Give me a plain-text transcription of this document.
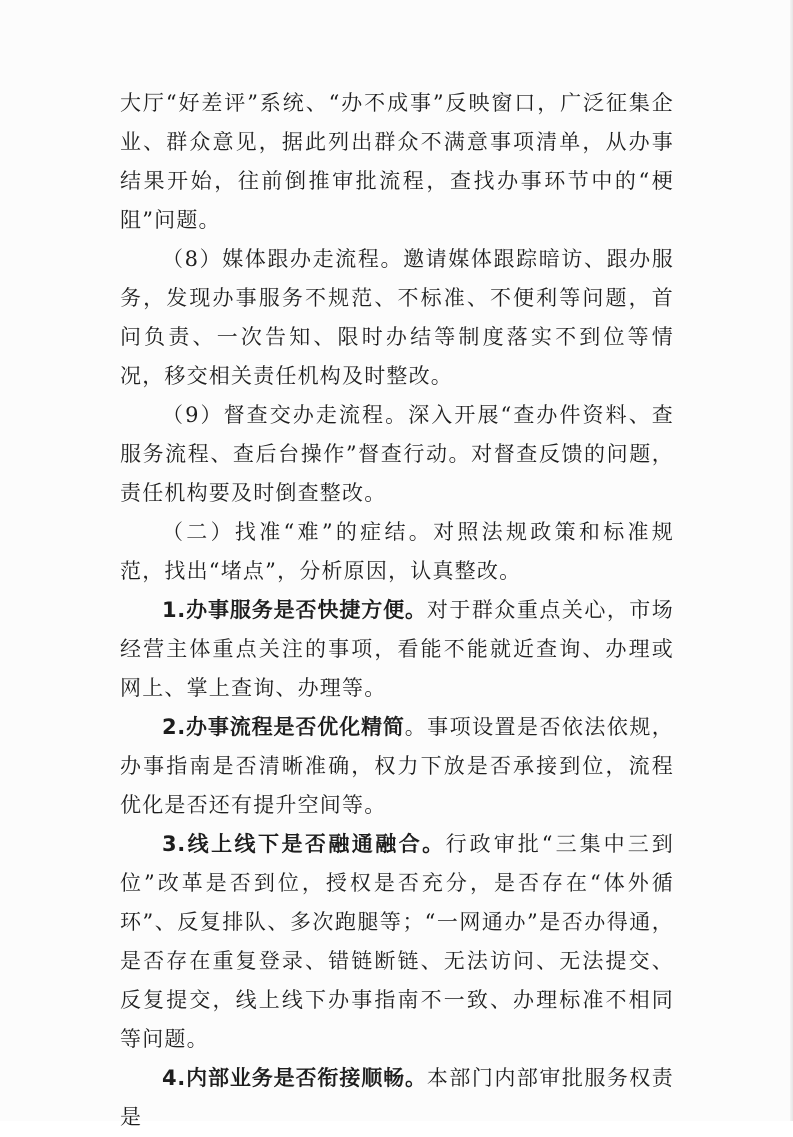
大厅“好差评”系统、“办不成事”反映窗口，广泛征集企业、群众意见，据此列出群众不满意事项清单，从办事结果开始，往前倒推审批流程，查找办事环节中的“梗阻”问题。

（8）媒体跟办走流程。邀请媒体跟踪暗访、跟办服务，发现办事服务不规范、不标准、不便利等问题，首问负责、一次告知、限时办结等制度落实不到位等情况，移交相关责任机构及时整改。

（9）督查交办走流程。深入开展“查办件资料、查服务流程、查后台操作”督查行动。对督查反馈的问题，责任机构要及时倒查整改。

（二）找准“难”的症结。对照法规政策和标准规范，找出“堵点”，分析原因，认真整改。

1.办事服务是否快捷方便。对于群众重点关心，市场经营主体重点关注的事项，看能不能就近查询、办理或网上、掌上查询、办理等。

2.办事流程是否优化精简。事项设置是否依法依规，办事指南是否清晰准确，权力下放是否承接到位，流程优化是否还有提升空间等。

3.线上线下是否融通融合。行政审批“三集中三到位”改革是否到位，授权是否充分，是否存在“体外循环”、反复排队、多次跑腿等；“一网通办”是否办得通，是否存在重复登录、错链断链、无法访问、无法提交、反复提交，线上线下办事指南不一致、办理标准不相同等问题。

4.内部业务是否衔接顺畅。本部门内部审批服务权责是
